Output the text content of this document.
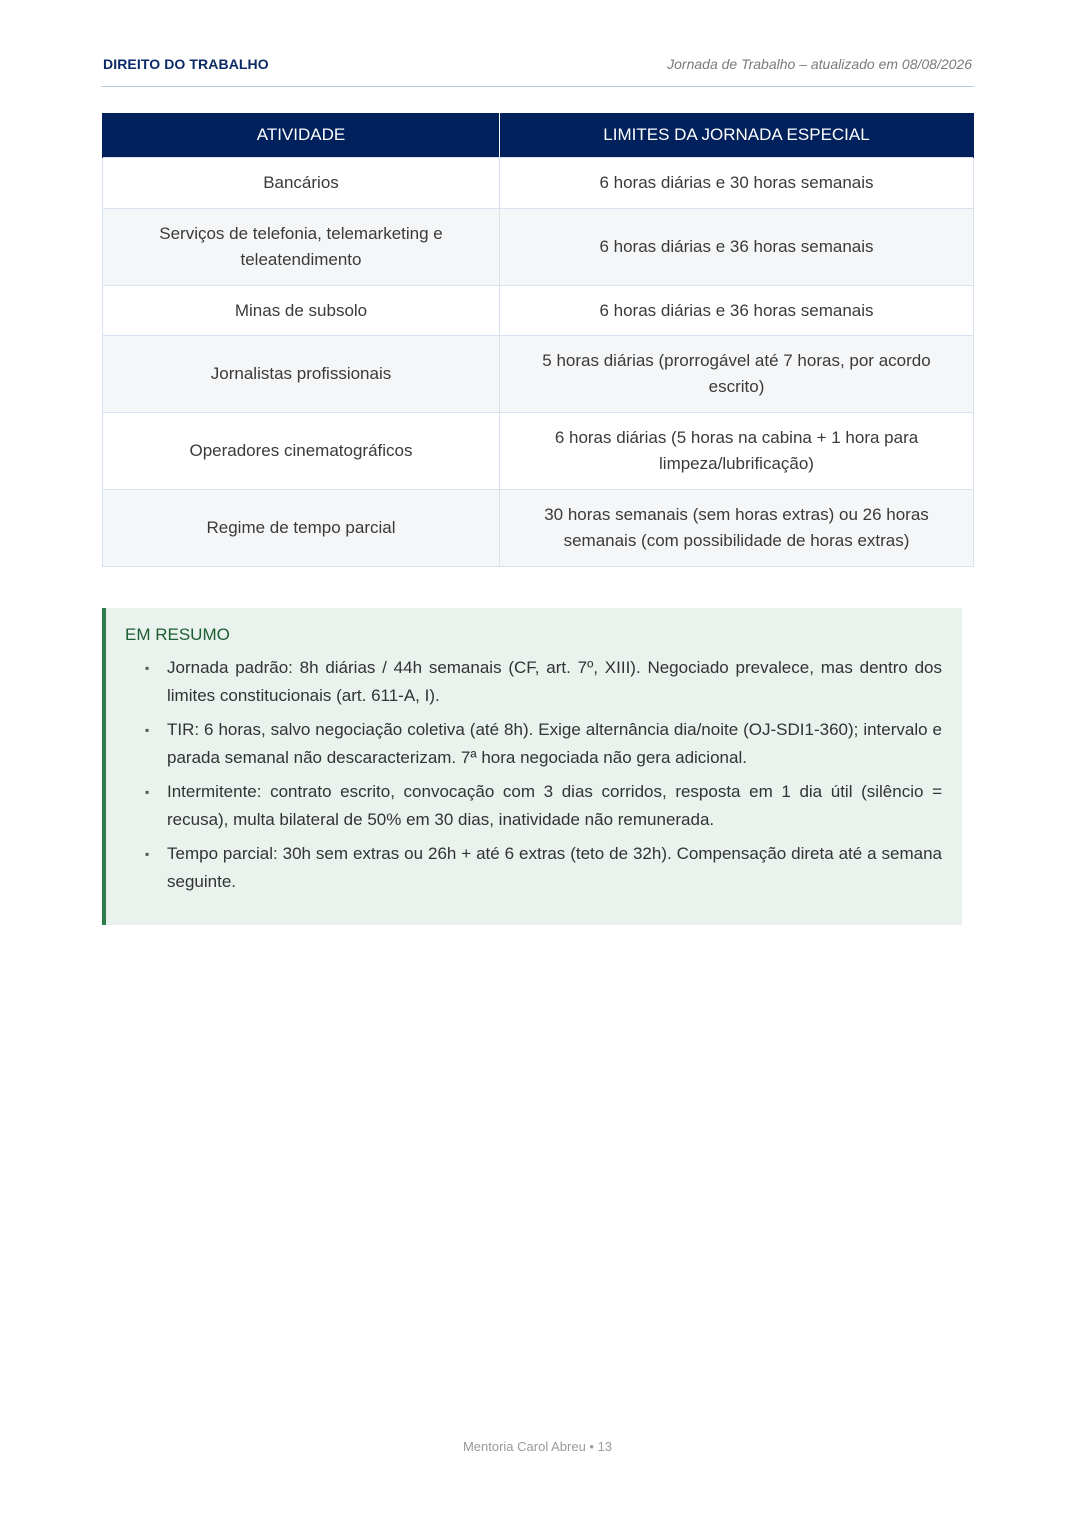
DIREITO DO TRABALHO	Jornada de Trabalho – atualizado em 08/08/2026
ATIVIDADE	LIMITES DA JORNADA ESPECIAL
Bancários	6 horas diárias e 30 horas semanais
Serviços de telefonia, telemarketing e teleatendimento	6 horas diárias e 36 horas semanais
Minas de subsolo	6 horas diárias e 36 horas semanais
Jornalistas profissionais	5 horas diárias (prorrogável até 7 horas, por acordo escrito)
Operadores cinematográficos	6 horas diárias (5 horas na cabina + 1 hora para limpeza/lubrificação)
Regime de tempo parcial	30 horas semanais (sem horas extras) ou 26 horas semanais (com possibilidade de horas extras)
EM RESUMO
▪ Jornada padrão: 8h diárias / 44h semanais (CF, art. 7º, XIII). Negociado prevalece, mas dentro dos limites constitucionais (art. 611-A, I).
▪ TIR: 6 horas, salvo negociação coletiva (até 8h). Exige alternância dia/noite (OJ-SDI1-360); intervalo e parada semanal não descaracterizam. 7ª hora negociada não gera adicional.
▪ Intermitente: contrato escrito, convocação com 3 dias corridos, resposta em 1 dia útil (silêncio = recusa), multa bilateral de 50% em 30 dias, inatividade não remunerada.
▪ Tempo parcial: 30h sem extras ou 26h + até 6 extras (teto de 32h). Compensação direta até a semana seguinte.
Mentoria Carol Abreu • 13
